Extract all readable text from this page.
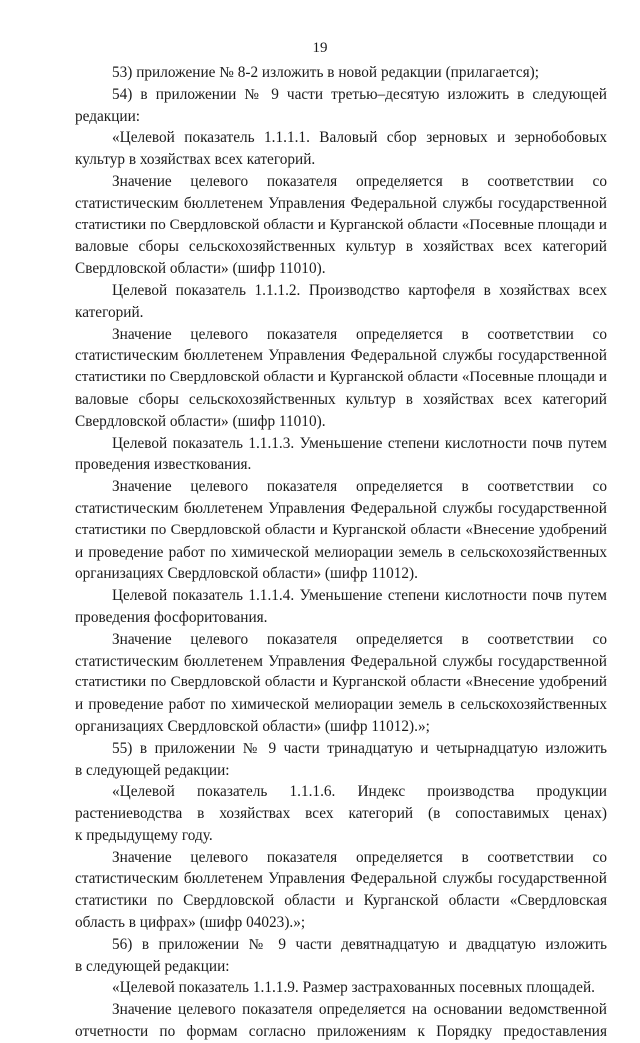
19
53) приложение № 8-2 изложить в новой редакции (прилагается);
54) в приложении № 9 части третью–десятую изложить в следующей
редакции:
«Целевой показатель 1.1.1.1. Валовый сбор зерновых и зернобобовых
культур в хозяйствах всех категорий.
Значение целевого показателя определяется в соответствии со
статистическим бюллетенем Управления Федеральной службы государственной
статистики по Свердловской области и Курганской области «Посевные площади и
валовые сборы сельскохозяйственных культур в хозяйствах всех категорий
Свердловской области» (шифр 11010).
Целевой показатель 1.1.1.2. Производство картофеля в хозяйствах всех
категорий.
Значение целевого показателя определяется в соответствии со
статистическим бюллетенем Управления Федеральной службы государственной
статистики по Свердловской области и Курганской области «Посевные площади и
валовые сборы сельскохозяйственных культур в хозяйствах всех категорий
Свердловской области» (шифр 11010).
Целевой показатель 1.1.1.3. Уменьшение степени кислотности почв путем
проведения известкования.
Значение целевого показателя определяется в соответствии со
статистическим бюллетенем Управления Федеральной службы государственной
статистики по Свердловской области и Курганской области «Внесение удобрений
и проведение работ по химической мелиорации земель в сельскохозяйственных
организациях Свердловской области» (шифр 11012).
Целевой показатель 1.1.1.4. Уменьшение степени кислотности почв путем
проведения фосфоритования.
Значение целевого показателя определяется в соответствии со
статистическим бюллетенем Управления Федеральной службы государственной
статистики по Свердловской области и Курганской области «Внесение удобрений
и проведение работ по химической мелиорации земель в сельскохозяйственных
организациях Свердловской области» (шифр 11012).»;
55) в приложении № 9 части тринадцатую и четырнадцатую изложить
в следующей редакции:
«Целевой показатель 1.1.1.6. Индекс производства продукции
растениеводства в хозяйствах всех категорий (в сопоставимых ценах)
к предыдущему году.
Значение целевого показателя определяется в соответствии со
статистическим бюллетенем Управления Федеральной службы государственной
статистики по Свердловской области и Курганской области «Свердловская
область в цифрах» (шифр 04023).»;
56) в приложении № 9 части девятнадцатую и двадцатую изложить
в следующей редакции:
«Целевой показатель 1.1.1.9. Размер застрахованных посевных площадей.
Значение целевого показателя определяется на основании ведомственной
отчетности по формам согласно приложениям к Порядку предоставления
